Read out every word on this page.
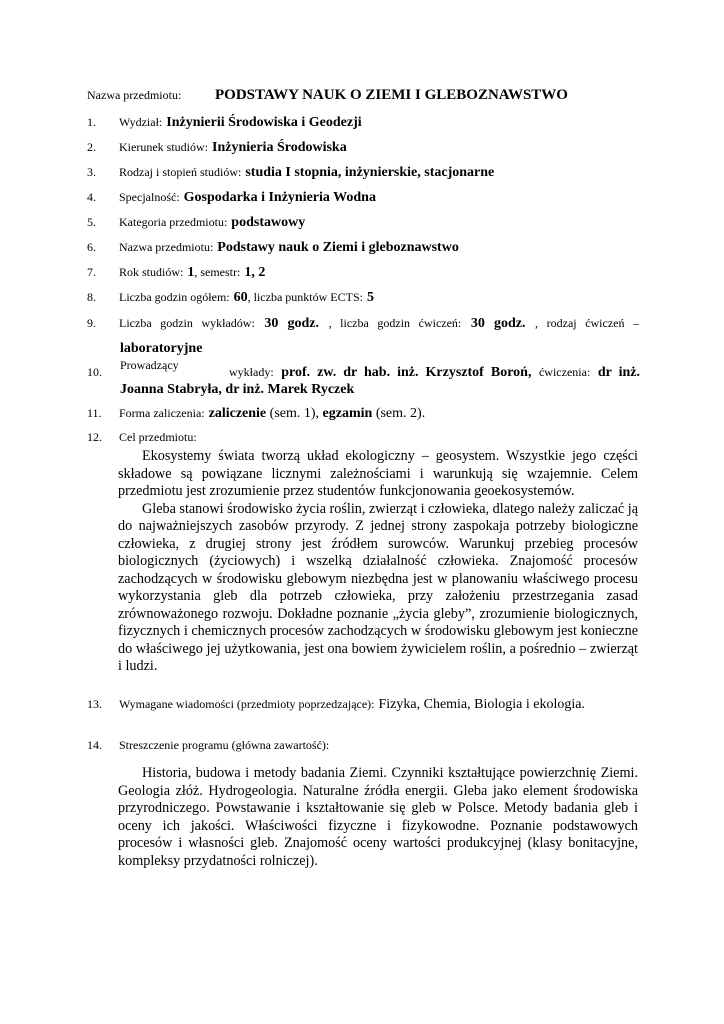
Nazwa przedmiotu: PODSTAWY NAUK O ZIEMI I GLEBOZNAWSTWO
1. Wydział: Inżynierii Środowiska i Geodezji
2. Kierunek studiów: Inżynieria Środowiska
3. Rodzaj i stopień studiów: studia I stopnia, inżynierskie, stacjonarne
4. Specjalność: Gospodarka i Inżynieria Wodna
5. Kategoria przedmiotu: podstawowy
6. Nazwa przedmiotu: Podstawy nauk o Ziemi i gleboznawstwo
7. Rok studiów: 1, semestr: 1, 2
8. Liczba godzin ogółem: 60, liczba punktów ECTS: 5
9. Liczba godzin wykładów: 30 godz. , liczba godzin ćwiczeń: 30 godz. , rodzaj ćwiczeń –
laboratoryjne
Prowadzący
10.	wykłady: prof. zw. dr hab. inż. Krzysztof Boroń, ćwiczenia: dr inż.
Joanna Stabryła, dr inż. Marek Ryczek
11. Forma zaliczenia: zaliczenie (sem. 1), egzamin (sem. 2).
12. Cel przedmiotu:

Ekosystemy świata tworzą układ ekologiczny – geosystem. Wszystkie jego części składowe są powiązane licznymi zależnościami i warunkują się wzajemnie. Celem przedmiotu jest zrozumienie przez studentów funkcjonowania geoekosystemów.

Gleba stanowi środowisko życia roślin, zwierząt i człowieka, dlatego należy zaliczać ją do najważniejszych zasobów przyrody. Z jednej strony zaspokaja potrzeby biologiczne człowieka, z drugiej strony jest źródłem surowców. Warunkuj przebieg procesów biologicznych (życiowych) i wszelką działalność człowieka. Znajomość procesów zachodzących w środowisku glebowym niezbędna jest w planowaniu właściwego procesu wykorzystania gleb dla potrzeb człowieka, przy założeniu przestrzegania zasad zrównoważonego rozwoju. Dokładne poznanie „życia gleby”, zrozumienie biologicznych, fizycznych i chemicznych procesów zachodzących w środowisku glebowym jest konieczne do właściwego jej użytkowania, jest ona bowiem żywicielem roślin, a pośrednio – zwierząt i ludzi.

13. Wymagane wiadomości (przedmioty poprzedzające): Fizyka, Chemia, Biologia i ekologia.
14. Streszczenie programu (główna zawartość):

Historia, budowa i metody badania Ziemi. Czynniki kształtujące powierzchnię Ziemi. Geologia złóż. Hydrogeologia. Naturalne źródła energii. Gleba jako element środowiska przyrodniczego. Powstawanie i kształtowanie się gleb w Polsce. Metody badania gleb i oceny ich jakości. Właściwości fizyczne i fizykowodne. Poznanie podstawowych procesów i własności gleb. Znajomość oceny wartości produkcyjnej (klasy bonitacyjne, kompleksy przydatności rolniczej).
